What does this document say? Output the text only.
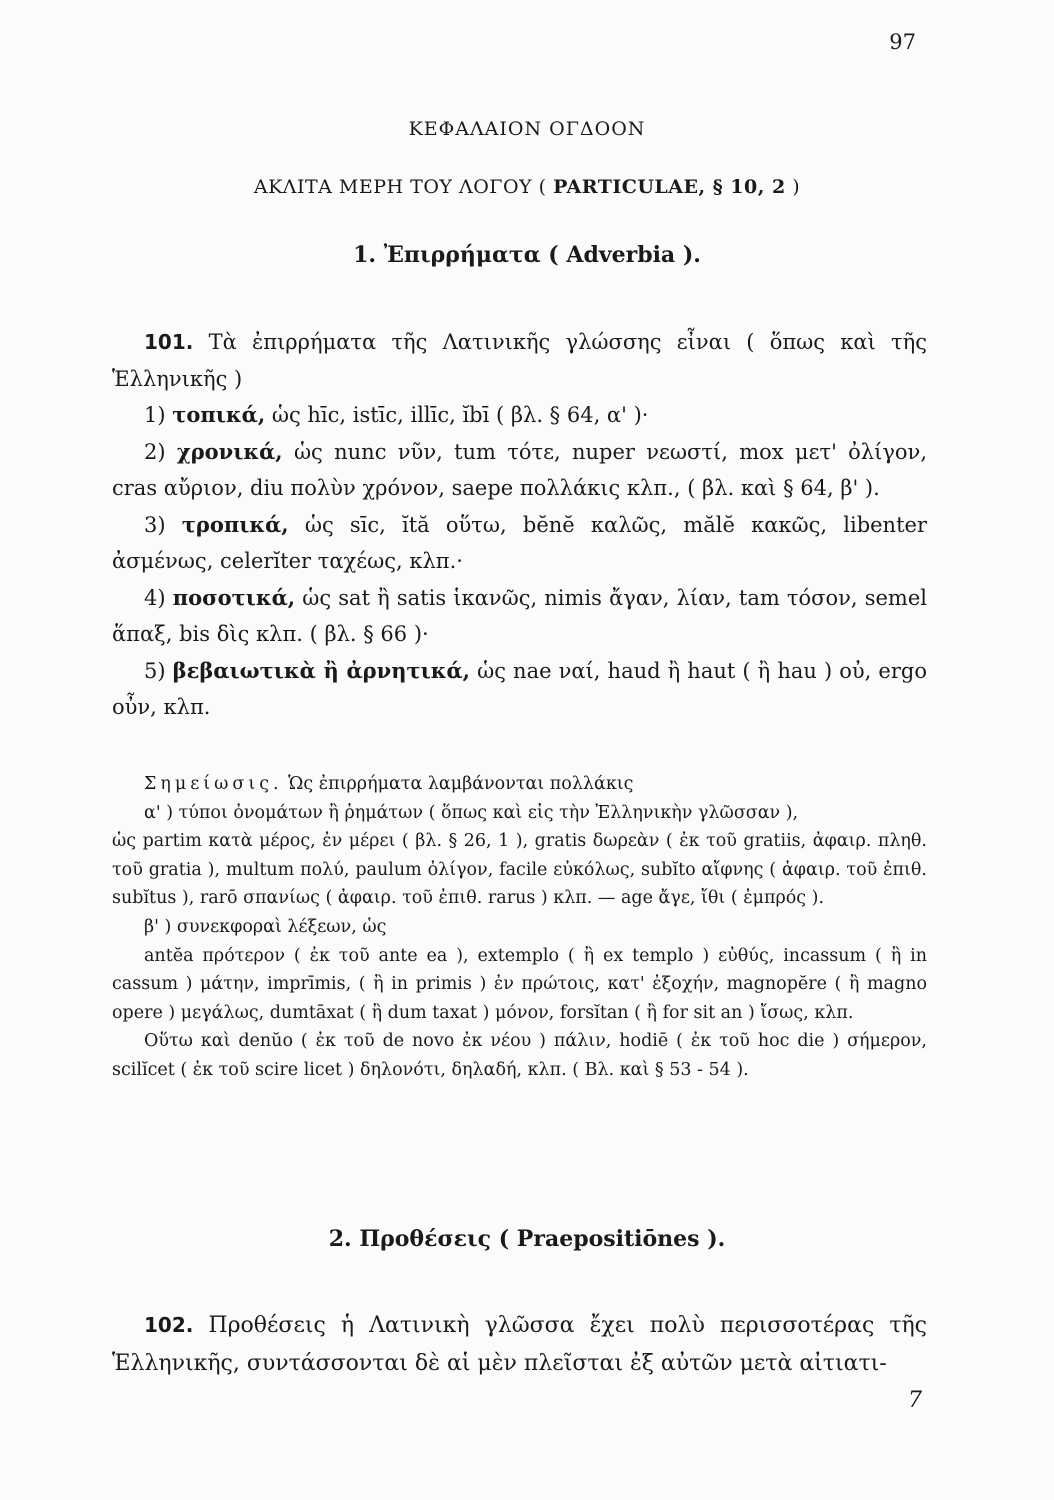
97
ΚΕΦΑΛΑΙΟΝ ΟΓΔΟΟΝ
ΑΚΛΙΤΑ ΜΕΡΗ ΤΟΥ ΛΟΓΟΥ ( PARTICULAE, § 10, 2 )
1. Ἐπιρρήματα ( Adverbia ).

101. Τὰ ἐπιρρήματα τῆς Λατινικῆς γλώσσης εἶναι ( ὅπως καὶ τῆς Ἑλληνικῆς )

1) τοπικά, ὡς hīc, istīc, illīc, ĭbī ( βλ. § 64, α' )·

2) χρονικά, ὡς nunc νῦν, tum τότε, nuper νεωστί, mox μετ' ὀλίγον, cras αὔριον, diu πολὺν χρόνον, saepe πολλάκις κλπ., ( βλ. καὶ § 64, β' ).

3) τροπικά, ὡς sīc, ĭtă οὕτω, bĕnĕ καλῶς, mălĕ κακῶς, libenter ἀσμένως, celerĭter ταχέως, κλπ.·

4) ποσοτικά, ὡς sat ἢ satis ἱκανῶς, nimis ἄγαν, λίαν, tam τόσον, semel ἅπαξ, bis δὶς κλπ. ( βλ. § 66 )·

5) βεβαιωτικὰ ἢ ἀρνητικά, ὡς nae ναί, haud ἢ haut ( ἢ hau ) οὐ, ergo οὖν, κλπ.

Σημείωσις. Ὡς ἐπιρρήματα λαμβάνονται πολλάκις

α' ) τύποι ὀνομάτων ἢ ῥημάτων ( ὅπως καὶ εἰς τὴν Ἑλληνικὴν γλῶσσαν ),

ὡς partim κατὰ μέρος, ἐν μέρει ( βλ. § 26, 1 ), gratis δωρεὰν ( ἐκ τοῦ gratiis, ἀφαιρ. πληθ. τοῦ gratia ), multum πολύ, paulum ὀλίγον, facile εὐκόλως, subĭto αἴφνης ( ἀφαιρ. τοῦ ἐπιθ. subĭtus ), rarō σπανίως ( ἀφαιρ. τοῦ ἐπιθ. rarus ) κλπ. — age ἄγε, ἴθι ( ἐμπρός ).

β' ) συνεκφοραὶ λέξεων, ὡς

antĕa πρότερον ( ἐκ τοῦ ante ea ), extemplo ( ἢ ex templo ) εὐθύς, incassum ( ἢ in cassum ) μάτην, imprīmis, ( ἢ in primis ) ἐν πρώτοις, κατ' ἐξοχήν, magnopĕre ( ἢ magno opere ) μεγάλως, dumtāxat ( ἢ dum taxat ) μόνον, forsĭtan ( ἢ for sit an ) ἴσως, κλπ.

Οὕτω καὶ denŭo ( ἐκ τοῦ de novo ἐκ νέου ) πάλιν, hodiē ( ἐκ τοῦ hoc die ) σήμερον, scilĭcet ( ἐκ τοῦ scire licet ) δηλονότι, δηλαδή, κλπ. ( Βλ. καὶ § 53 - 54 ).

2. Προθέσεις ( Praepositiōnes ).

102. Προθέσεις ἡ Λατινικὴ γλῶσσα ἔχει πολὺ περισσοτέρας τῆς Ἑλληνικῆς, συντάσσονται δὲ αἱ μὲν πλεῖσται ἐξ αὐτῶν μετὰ αἰτιατι-

7
